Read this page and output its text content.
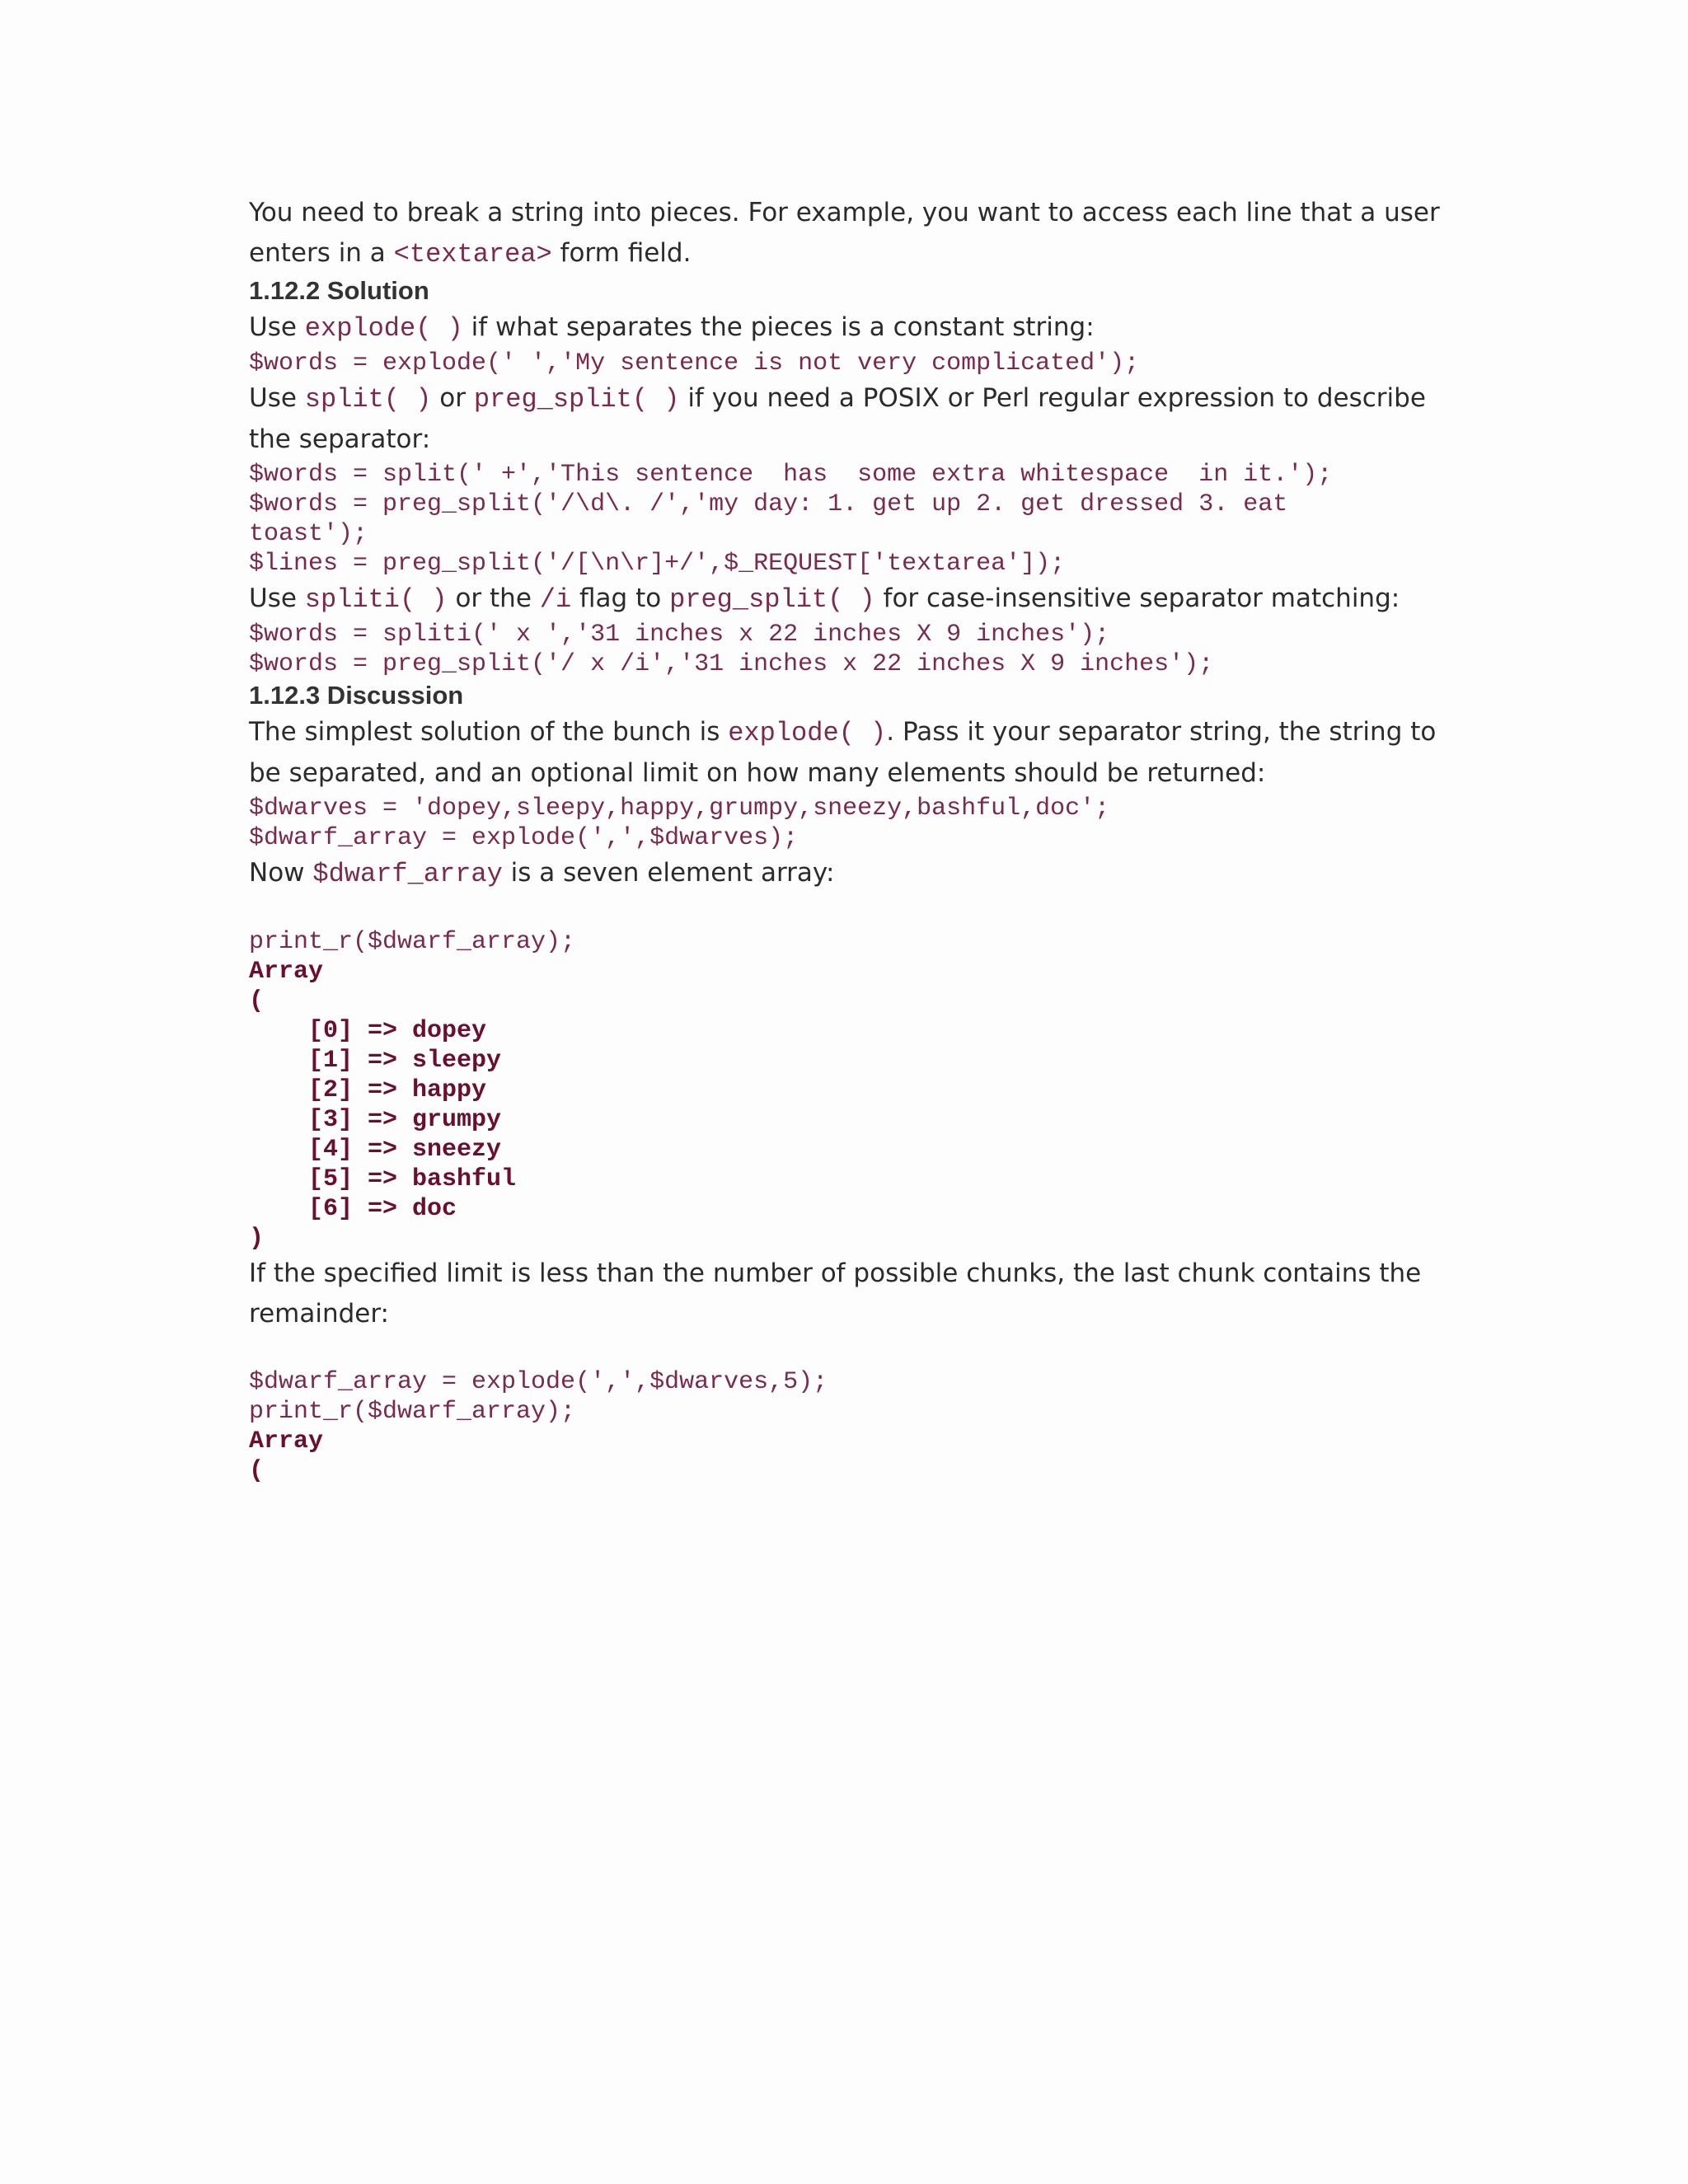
You need to break a string into pieces. For example, you want to access each line that a user enters in a <textarea> form field.

1.12.2 Solution

Use explode( ) if what separates the pieces is a constant string:

$words = explode(' ','My sentence is not very complicated');

Use split( ) or preg_split( ) if you need a POSIX or Perl regular expression to describe the separator:

$words = split(' +','This sentence  has  some extra whitespace  in it.');
$words = preg_split('/\d\. /','my day: 1. get up 2. get dressed 3. eat
toast');
$lines = preg_split('/[\n\r]+/',$_REQUEST['textarea']);

Use spliti( ) or the /i flag to preg_split( ) for case-insensitive separator matching:

$words = spliti(' x ','31 inches x 22 inches X 9 inches');
$words = preg_split('/ x /i','31 inches x 22 inches X 9 inches');
1.12.3 Discussion

The simplest solution of the bunch is explode( ). Pass it your separator string, the string to be separated, and an optional limit on how many elements should be returned:

$dwarves = 'dopey,sleepy,happy,grumpy,sneezy,bashful,doc';
$dwarf_array = explode(',',$dwarves);

Now $dwarf_array is a seven element array:

print_r($dwarf_array);
Array
(
[0] => dopey
[1] => sleepy
[2] => happy
[3] => grumpy
[4] => sneezy
[5] => bashful
[6] => doc
)

If the specified limit is less than the number of possible chunks, the last chunk contains the remainder:

$dwarf_array = explode(',',$dwarves,5);
print_r($dwarf_array);
Array
(
